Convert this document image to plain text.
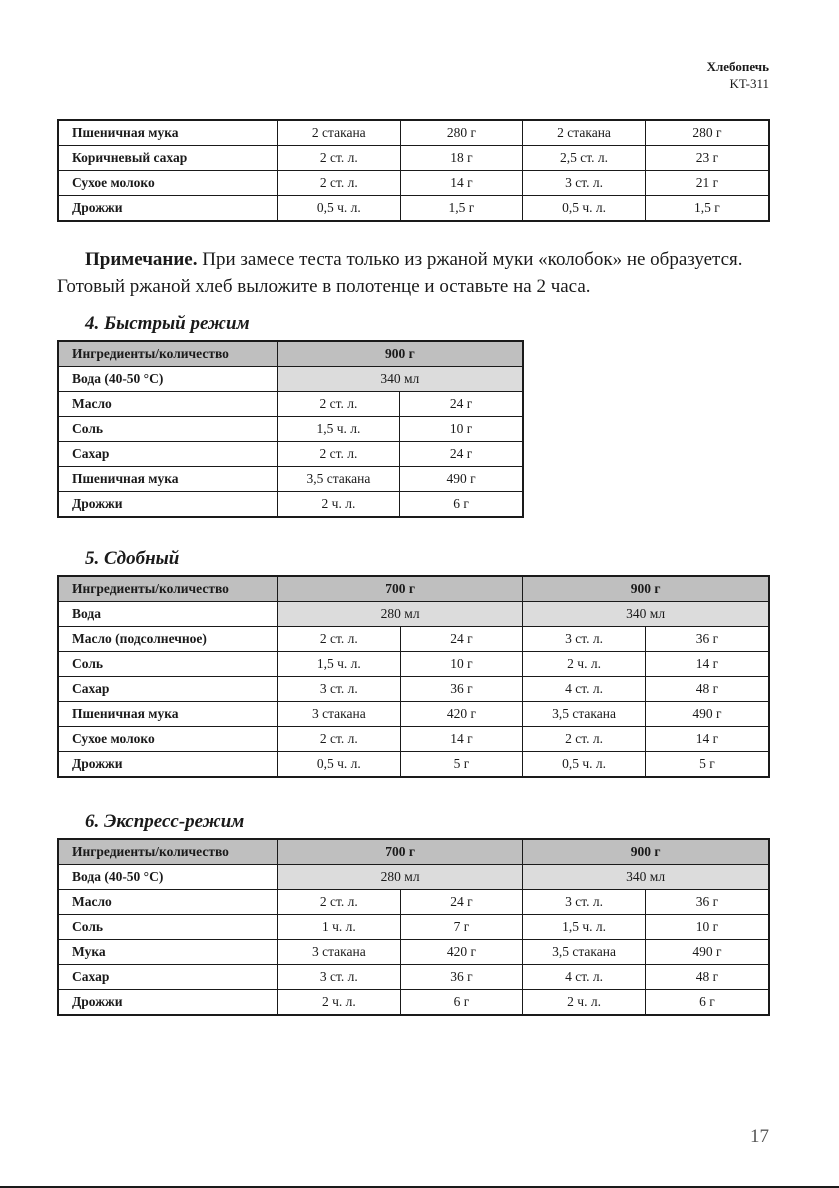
Хлебопечь
KT-311
Пшеничная мука	2 стакана	280 г	2 стакана	280 г
Коричневый сахар	2 ст. л.	18 г	2,5 ст. л.	23 г
Сухое молоко	2 ст. л.	14 г	3 ст. л.	21 г
Дрожжи	0,5 ч. л.	1,5 г	0,5 ч. л.	1,5 г
Примечание. При замесе теста только из ржаной муки «колобок» не образуется.
Готовый ржаной хлеб выложите в полотенце и оставьте на 2 часа.
4. Быстрый режим
Ингредиенты/количество	900 г	
Вода (40-50 °С)	340 мл	
Масло	2 ст. л.	24 г
Соль	1,5 ч. л.	10 г
Сахар	2 ст. л.	24 г
Пшеничная мука	3,5 стакана	490 г
Дрожжи	2 ч. л.	6 г
5. Сдобный
Ингредиенты/количество	700 г		900 г	
Вода	280 мл		340 мл	
Масло (подсолнечное)	2 ст. л.	24 г	3 ст. л.	36 г
Соль	1,5 ч. л.	10 г	2 ч. л.	14 г
Сахар	3 ст. л.	36 г	4 ст. л.	48 г
Пшеничная мука	3 стакана	420 г	3,5 стакана	490 г
Сухое молоко	2 ст. л.	14 г	2 ст. л.	14 г
Дрожжи	0,5 ч. л.	5 г	0,5 ч. л.	5 г
6. Экспресс-режим
Ингредиенты/количество	700 г		900 г	
Вода (40-50 °С)	280 мл		340 мл	
Масло	2 ст. л.	24 г	3 ст. л.	36 г
Соль	1 ч. л.	7 г	1,5 ч. л.	10 г
Мука	3 стакана	420 г	3,5 стакана	490 г
Сахар	3 ст. л.	36 г	4 ст. л.	48 г
Дрожжи	2 ч. л.	6 г	2 ч. л.	6 г
17
